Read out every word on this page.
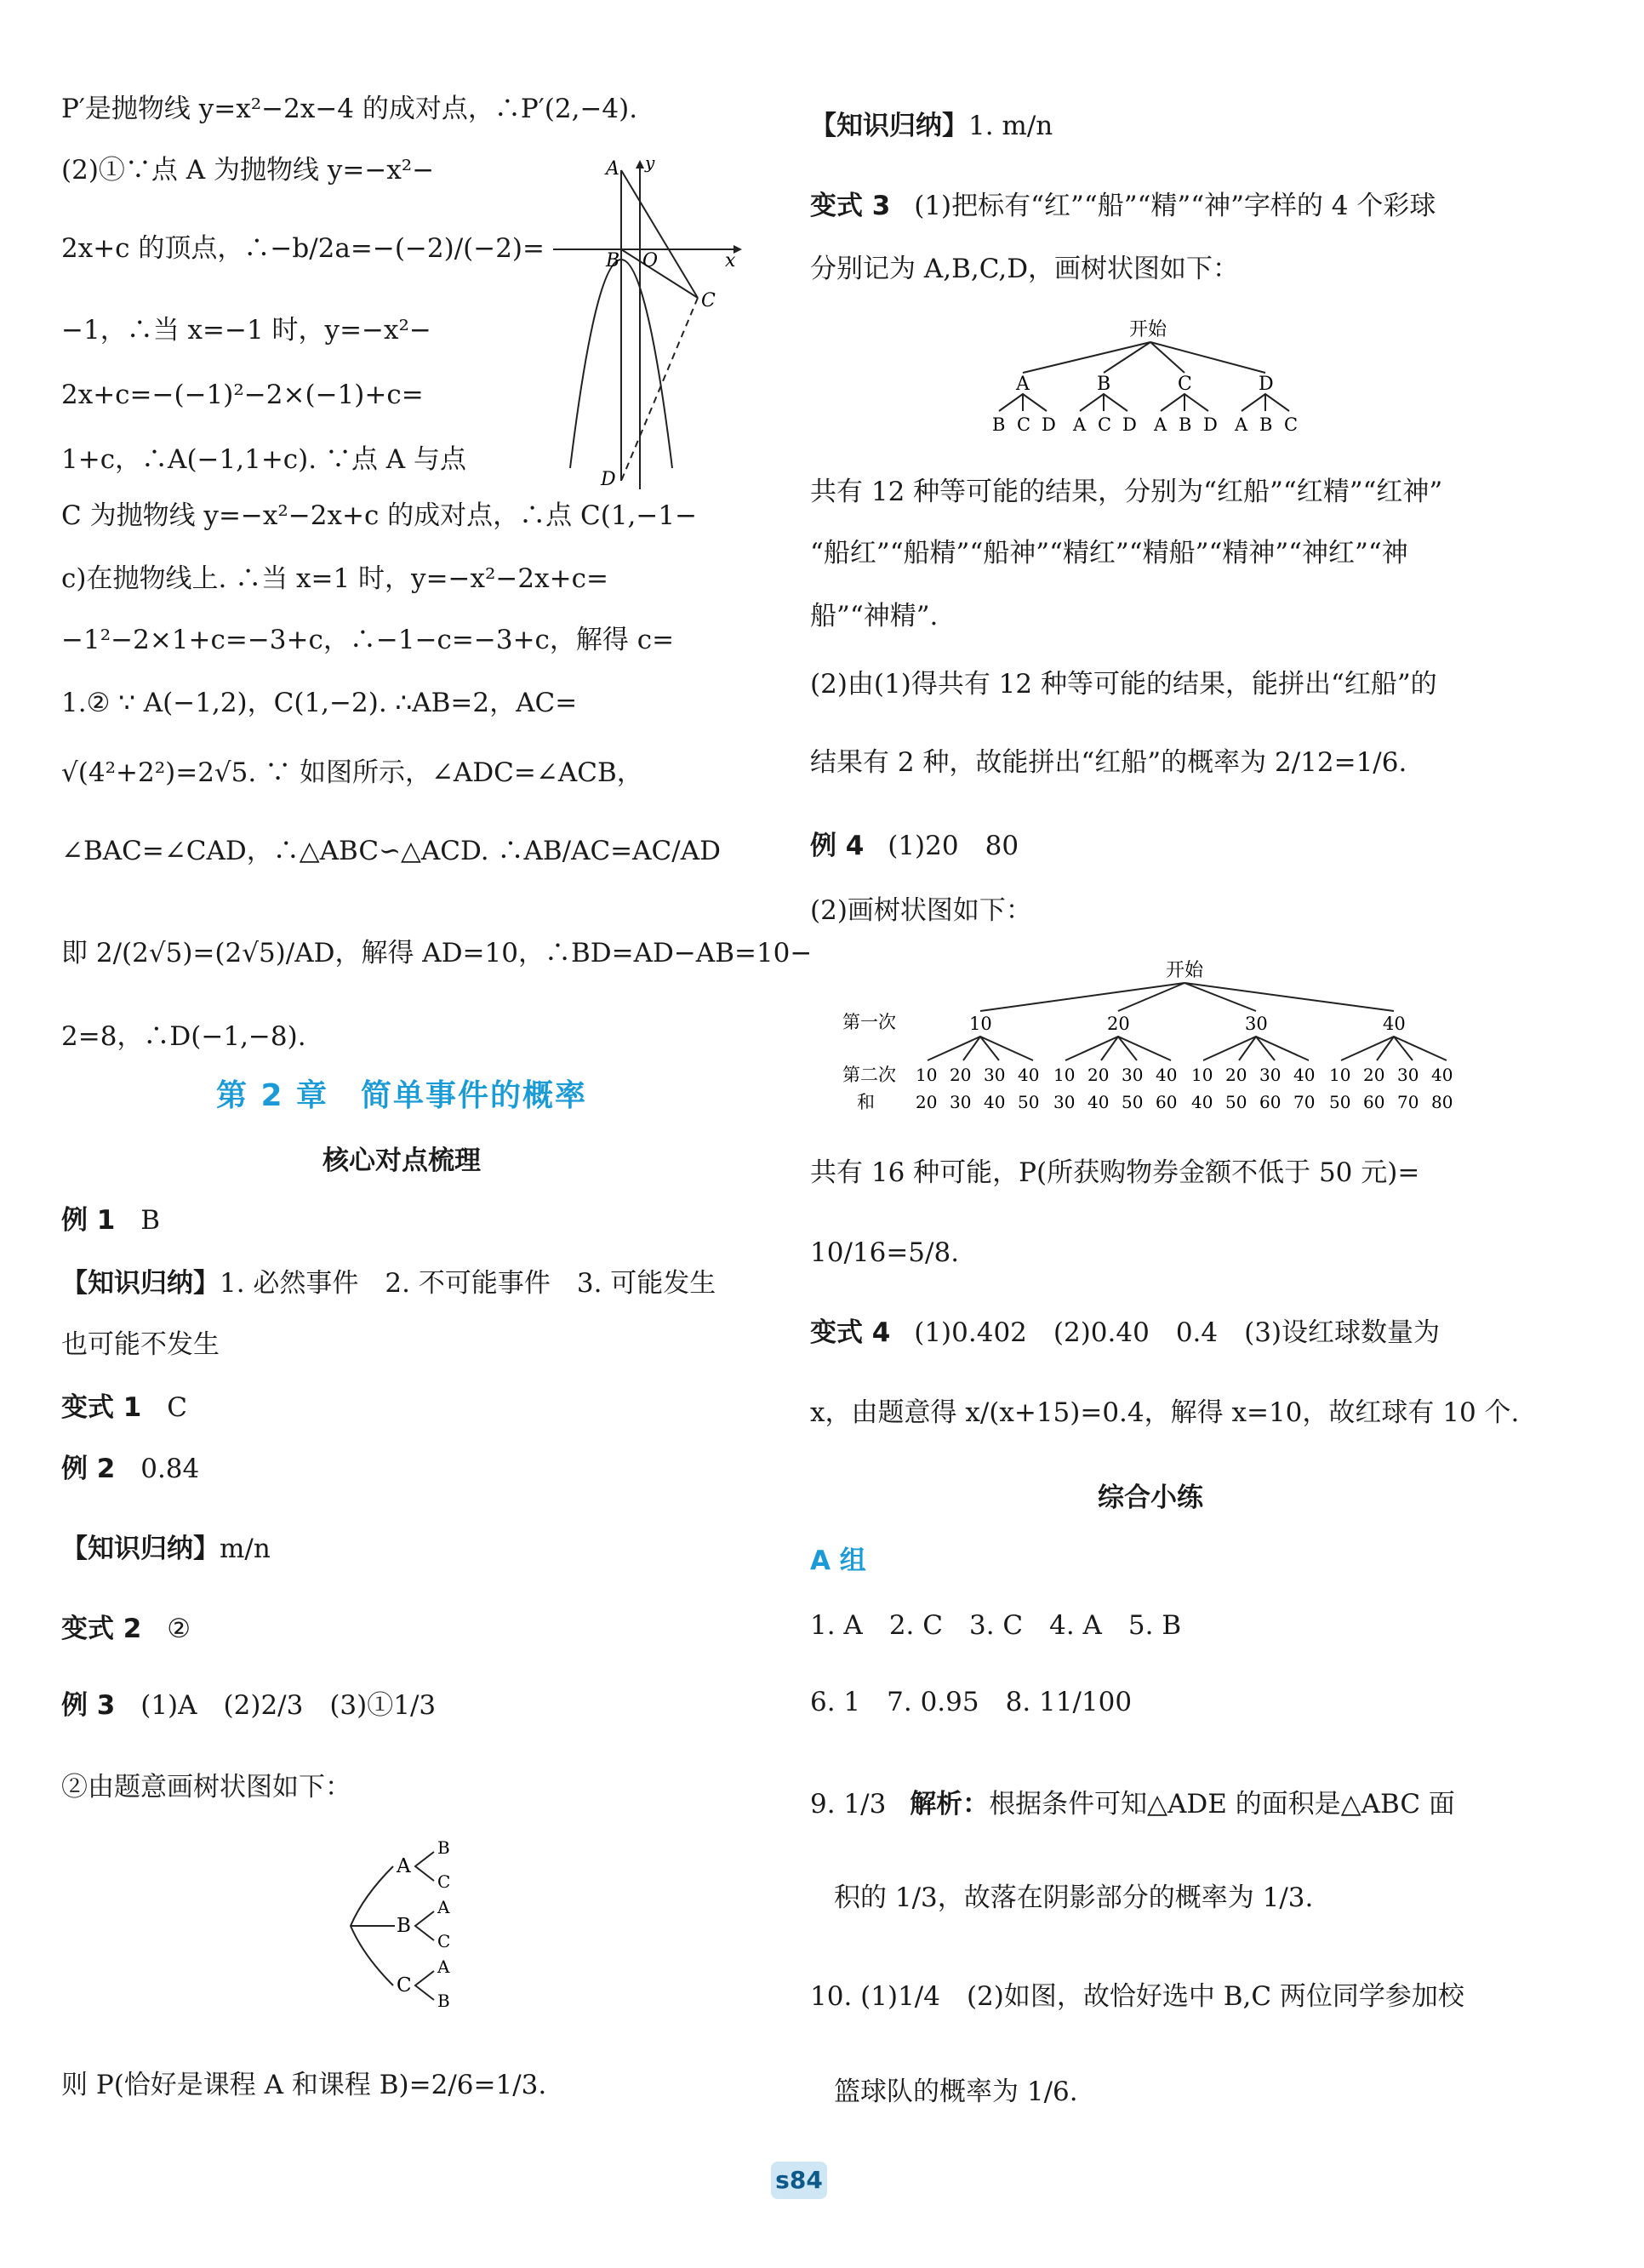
P′是抛物线 y=x²−2x−4 的成对点，∴P′(2,−4).
(2)①∵点 A 为抛物线 y=−x²−
2x+c 的顶点，∴−b/2a=−(−2)/(−2)=
−1，∴当 x=−1 时，y=−x²−
2x+c=−(−1)²−2×(−1)+c=
1+c，∴A(−1,1+c). ∵点 A 与点
C 为抛物线 y=−x²−2x+c 的成对点，∴点 C(1,−1−
c)在抛物线上. ∴当 x=1 时，y=−x²−2x+c=
−1²−2×1+c=−3+c，∴−1−c=−3+c，解得 c=
1.② ∵ A(−1,2)，C(1,−2). ∴AB=2，AC=
√(4²+2²)=2√5. ∵ 如图所示，∠ADC=∠ACB，
∠BAC=∠CAD，∴△ABC∽△ACD. ∴AB/AC=AC/AD
即 2/(2√5)=(2√5)/AD，解得 AD=10，∴BD=AD−AB=10−
2=8，∴D(−1,−8).
第 2 章　简单事件的概率
核心对点梳理
例 1 B
【知识归纳】1. 必然事件　2. 不可能事件　3. 可能发生
也可能不发生
变式 1 C
例 2 0.84
【知识归纳】m/n
变式 2 ②
例 3 (1)A　(2)2/3　(3)①1/3
②由题意画树状图如下：
A
B
C
B
C
A
C
A
B
则 P(恰好是课程 A 和课程 B)=2/6=1/3.
A y
B O	x
C
D
【知识归纳】1. m/n
变式 3 (1)把标有“红”“船”“精”“神”字样的 4 个彩球
分别记为 A,B,C,D，画树状图如下：
开始
A	B	C	D
B C D A C D A B D A B C
共有 12 种等可能的结果，分别为“红船”“红精”“红神”
“船红”“船精”“船神”“精红”“精船”“精神”“神红”“神
船”“神精”.
(2)由(1)得共有 12 种等可能的结果，能拼出“红船”的
结果有 2 种，故能拼出“红船”的概率为 2/12=1/6.
例 4 (1)20　80
(2)画树状图如下：
开始
第一次	10	20	30	40
第二次
和
10 20 30 40 10 20 30 40 10 20 30 40 10 20 30 40
20 30 40 50 30 40 50 60 40 50 60 70 50 60 70 80
共有 16 种可能，P(所获购物券金额不低于 50 元)=
10/16=5/8.
变式 4 (1)0.402　(2)0.40　0.4　(3)设红球数量为
x，由题意得 x/(x+15)=0.4，解得 x=10，故红球有 10 个.
综合小练
A 组
1. A　2. C　3. C　4. A　5. B
6. 1　7. 0.95　8. 11/100
9. 1/3 解析：根据条件可知△ADE 的面积是△ABC 面
积的 1/3，故落在阴影部分的概率为 1/3.
10. (1)1/4　(2)如图，故恰好选中 B,C 两位同学参加校
篮球队的概率为 1/6.
s84
